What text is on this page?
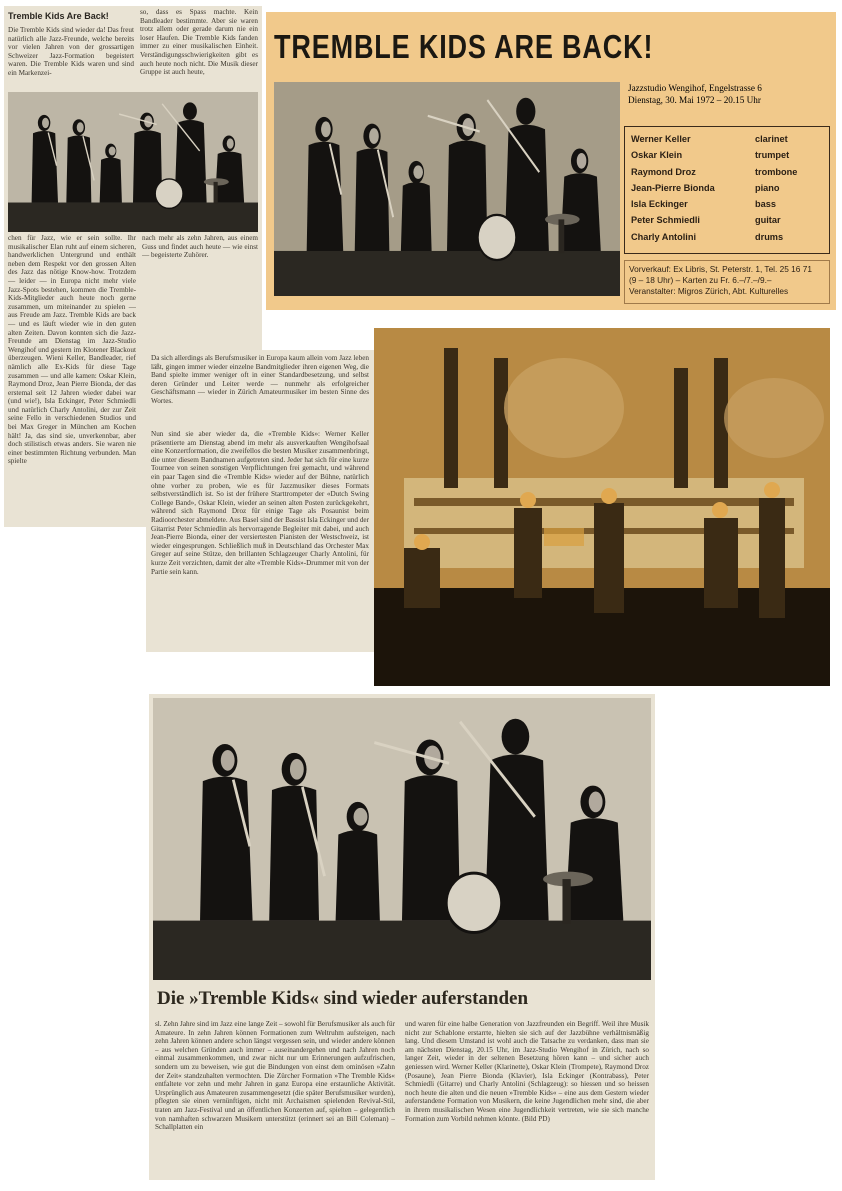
Tremble Kids Are Back!
Die Tremble Kids sind wieder da! Das freut natürlich alle Jazz-Freunde, welche bereits vor vielen Jahren von der grossartigen Schweizer Jazz-Formation begeistert waren. Die Tremble Kids waren und sind ein Markenzei-
so, dass es Spass machte. Kein Bandleader bestimmte. Aber sie waren trotz allem oder gerade darum nie ein loser Haufen. Die Tremble Kids fanden immer zu einer musikalischen Einheit. Verständigungsschwierigkeiten gibt es auch heute noch nicht. Die Musik dieser Gruppe ist auch heute,
chen für Jazz, wie er sein sollte. Ihr musikalischer Elan ruht auf einem sicheren, handwerklichen Untergrund und enthält neben dem Respekt vor den grossen Alten des Jazz das nötige Know-how. Trotzdem — leider — in Europa nicht mehr viele Jazz-Spots bestehen, kommen die Tremble-Kids-Mitglieder auch heute noch gerne zusammen, um miteinander zu spielen — aus Freude am Jazz. Tremble Kids are back — und es läuft wieder wie in den guten alten Zeiten. Davon konnten sich die Jazz-Freunde am Dienstag im Jazz-Studio Wengihof und gestern im Klotener Blackout überzeugen. Wieni Keller, Bandleader, rief nämlich alle Ex-Kids für diese Tage zusammen — und alle kamen: Oskar Klein, Raymond Droz, Jean Pierre Bionda, der das erstemal seit 12 Jahren wieder dabei war (und wie!), Isla Eckinger, Peter Schmiedli und natürlich Charly Antolini, der zur Zeit seine Fello in verschiedenen Studios und bei Max Greger in München am Kochen hält! Ja, das sind sie, unverkennbar, aber doch stilistisch etwas anders. Sie waren nie einer bestimmten Richtung verbunden. Man spielte
nach mehr als zehn Jahren, aus einem Guss und findet auch heute — wie einst — begeisterte Zuhörer.
TREMBLE KIDS ARE BACK!
Jazzstudio Wengihof, Engelstrasse 6
Dienstag, 30. Mai 1972 – 20.15 Uhr
Werner Keller	clarinet
Oskar Klein	trumpet
Raymond Droz	trombone
Jean-Pierre Bionda	piano
Isla Eckinger	bass
Peter Schmiedli	guitar
Charly Antolini	drums
Vorverkauf: Ex Libris, St. Peterstr. 1, Tel. 25 16 71
(9 – 18 Uhr) – Karten zu Fr. 6.–/7.–/9.–
Veranstalter: Migros Zürich, Abt. Kulturelles
Da sich allerdings als Berufsmusiker in Europa kaum allein vom Jazz leben läßt, gingen immer wieder einzelne Bandmitglieder ihren eigenen Weg, die Band spielte immer weniger oft in einer Standardbesetzung, und selbst deren Gründer und Leiter werde — nunmehr als erfolgreicher Geschäftsmann — wieder in Zürich Amateurmusiker im besten Sinne des Wortes.
Nun sind sie aber wieder da, die «Tremble Kids»: Werner Keller präsentierte am Dienstag abend im mehr als ausverkauften Wengihofsaal eine Konzertformation, die zweifellos die besten Musiker zusammenbringt, die unter diesem Bandnamen aufgetreten sind. Jeder hat sich für eine kurze Tournee von seinen sonstigen Verpflichtungen frei gemacht, und während ein paar Tagen sind die «Tremble Kids» wieder auf der Bühne, natürlich ohne vorher zu proben, wie es für Jazzmusiker dieses Formats selbstverständlich ist. So ist der frühere Starttrompeter der «Dutch Swing College Band», Oskar Klein, wieder an seinen alten Posten zurückgekehrt, während sich Raymond Droz für einige Tage als Posaunist beim Radioorchester abmeldete. Aus Basel sind der Bassist Isla Eckinger und der Gitarrist Peter Schmiedlin als hervorragende Begleiter mit dabei, und auch Jean-Pierre Bionda, einer der versiertesten Pianisten der Westschweiz, ist wieder eingesprungen. Schließlich muß in Deutschland das Orchester Max Greger auf seine Stütze, den brillanten Schlagzeuger Charly Antolini, für kurze Zeit verzichten, damit der alte «Tremble Kids»-Drummer mit von der Partie sein kann.
Die »Tremble Kids« sind wieder auferstanden
sl. Zehn Jahre sind im Jazz eine lange Zeit – sowohl für Berufsmusiker als auch für Amateure. In zehn Jahren können Formationen zum Weltruhm aufsteigen, nach zehn Jahren können andere schon längst vergessen sein, und wieder andere können – aus welchen Gründen auch immer – auseinandergehen und nach Jahren noch einmal zusammenkommen, und zwar nicht nur um Erinnerungen aufzufrischen, sondern um zu beweisen, wie gut die Bindungen von einst dem ominösen »Zahn der Zeit« standzuhalten vermochten. Die Zürcher Formation »The Tremble Kids« entfaltete vor zehn und mehr Jahren in ganz Europa eine erstaunliche Aktivität. Ursprünglich aus Amateuren zusammengesetzt (die später Berufsmusiker wurden), pflegten sie einen vernünftigen, nicht mit Archaismen spielenden Revival-Stil, traten am Jazz-Festival und an öffentlichen Konzerten auf, spielten – gelegentlich von namhaften schwarzen Musikern unterstützt (erinnert sei an Bill Coleman) – Schallplatten ein
und waren für eine halbe Generation von Jazzfreunden ein Begriff. Weil ihre Musik nicht zur Schablone erstarrte, hielten sie sich auf der Jazzbühne verhältnismäßig lang. Und diesem Umstand ist wohl auch die Tatsache zu verdanken, dass man sie am nächsten Dienstag, 20.15 Uhr, im Jazz-Studio Wengihof in Zürich, nach so langer Zeit, wieder in der seltenen Besetzung hören kann – und sicher auch geniessen wird. Werner Keller (Klarinette), Oskar Klein (Trompete), Raymond Droz (Posaune), Jean Pierre Bionda (Klavier), Isla Eckinger (Kontrabass), Peter Schmiedli (Gitarre) und Charly Antolini (Schlagzeug): so hiessen und so heissen noch heute die alten und die neuen »Tremble Kids« – eine aus dem Gestern wieder auferstandene Formation von Musikern, die keine Jugendlichen mehr sind, die aber in ihrem musikalischen Wesen eine Jugendlichkeit vertreten, wie sie sich manche Formation zum Vorbild nehmen könnte. (Bild PD)
